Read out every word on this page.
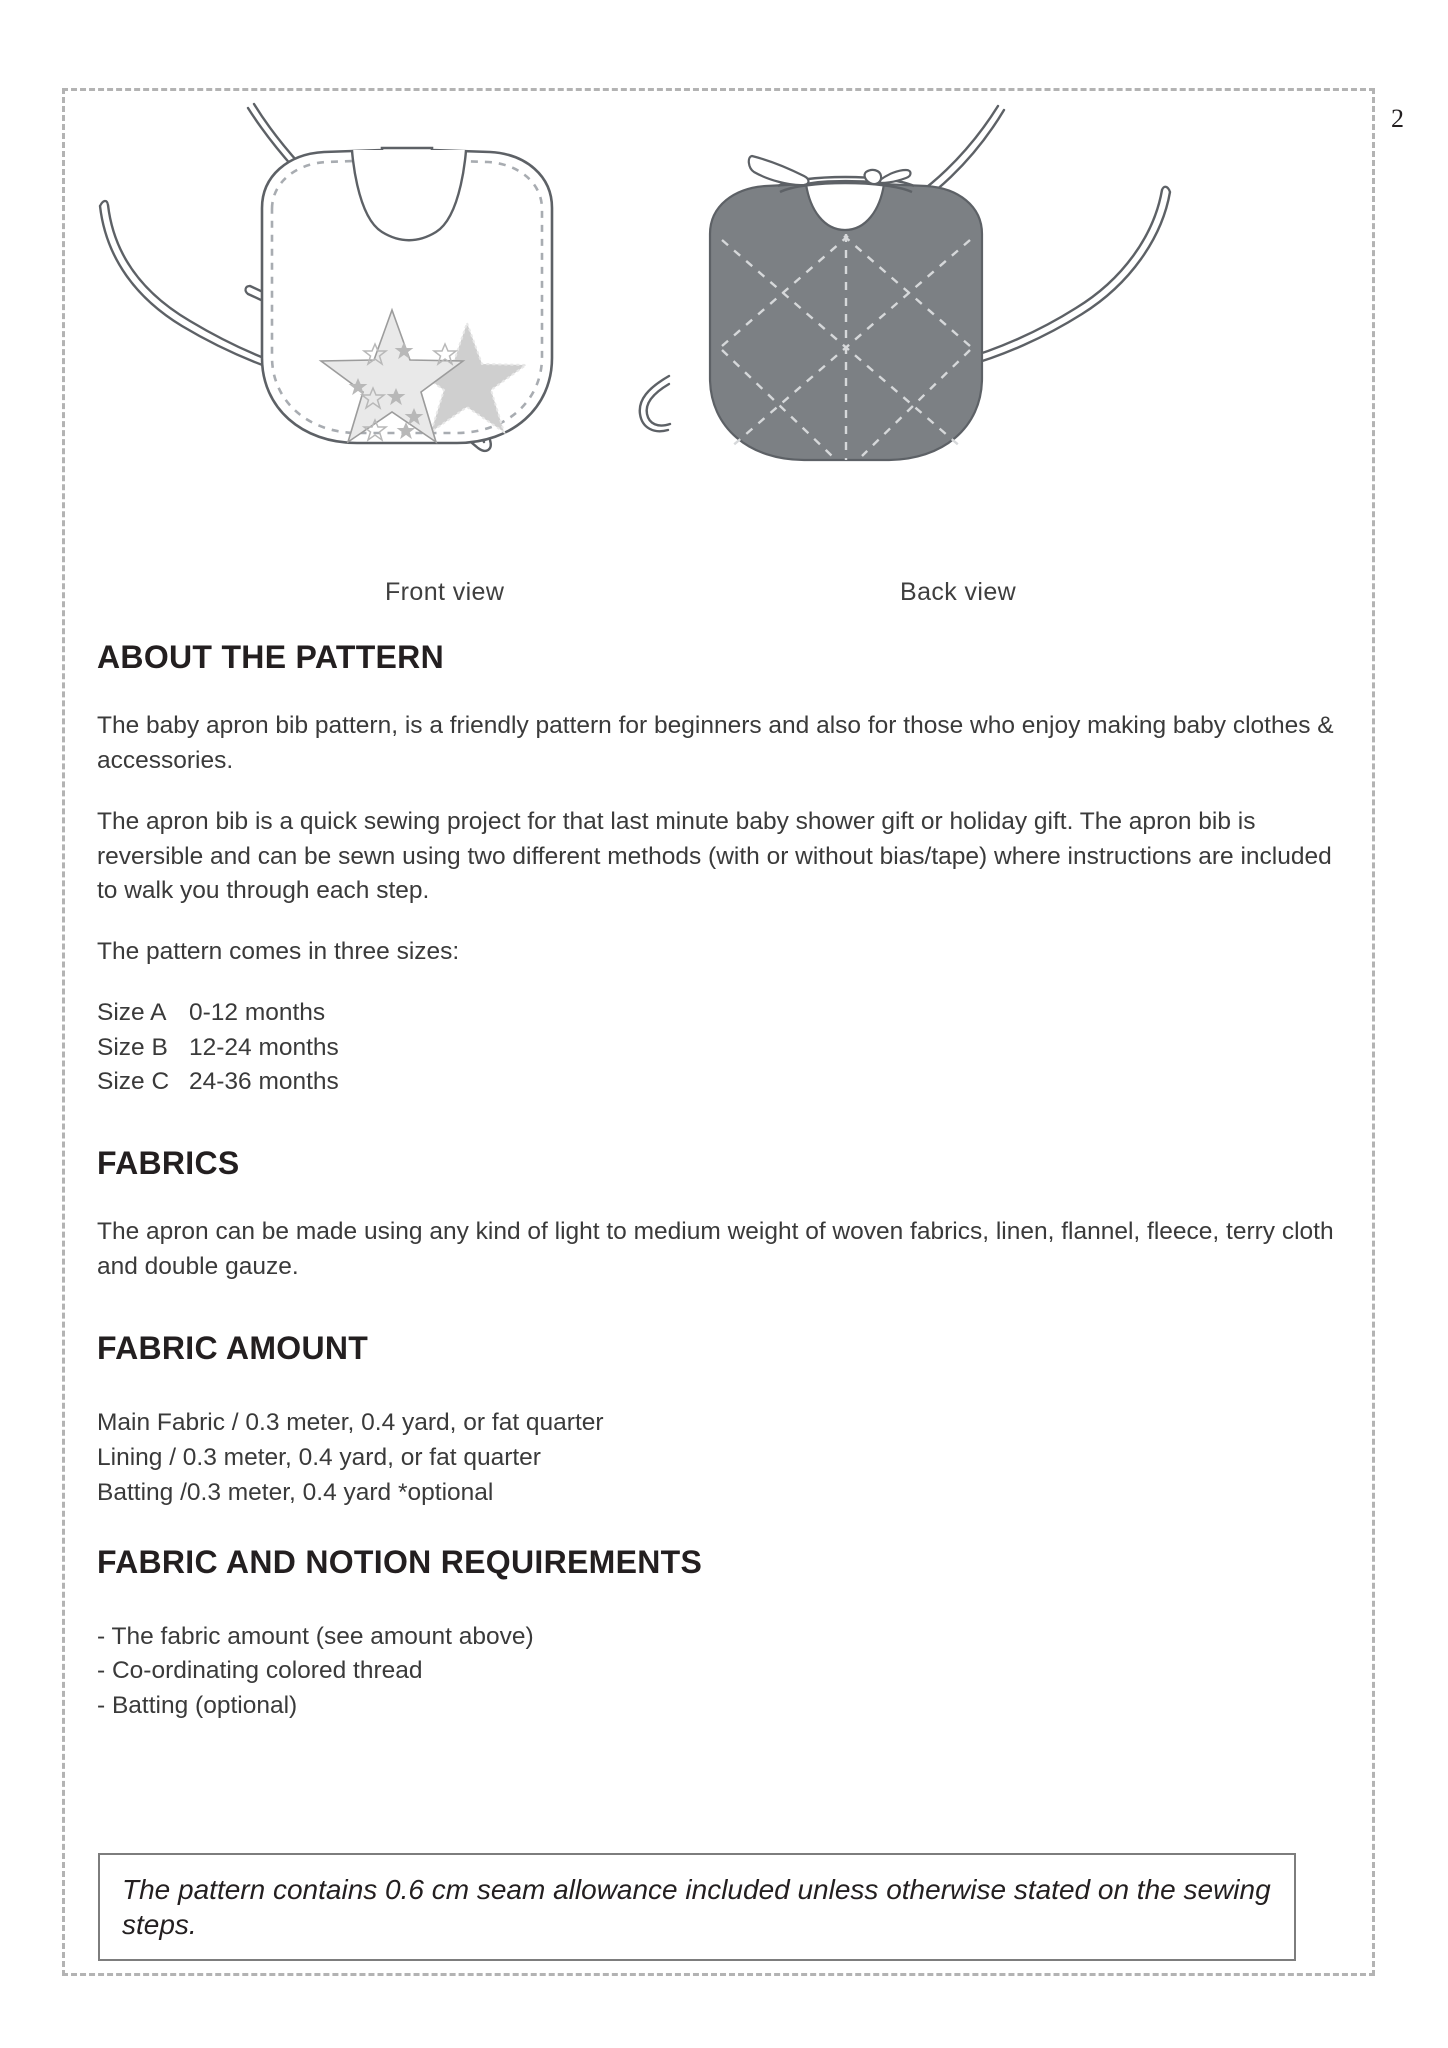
2
Front view	Back view
ABOUT THE PATTERN

The baby apron bib pattern, is a friendly pattern for beginners and also for those who enjoy making baby clothes & accessories.

The apron bib is a quick sewing project for that last minute baby shower gift or holiday gift. The apron bib is reversible and can be sewn using two different methods (with or without bias/tape) where instructions are included to walk you through each step.

The pattern comes in three sizes:

Size A 0-12 months
Size B 12-24 months
Size C 24-36 months
FABRICS

The apron can be made using any kind of light to medium weight of woven fabrics, linen, flannel, fleece, terry cloth and double gauze.

FABRIC AMOUNT
Main Fabric / 0.3 meter, 0.4 yard, or fat quarter
Lining / 0.3 meter, 0.4 yard, or fat quarter
Batting /0.3 meter, 0.4 yard *optional
FABRIC AND NOTION REQUIREMENTS
- The fabric amount (see amount above)
- Co-ordinating colored thread
- Batting (optional)
The pattern contains 0.6 cm seam allowance included unless otherwise stated on the sewing steps.
